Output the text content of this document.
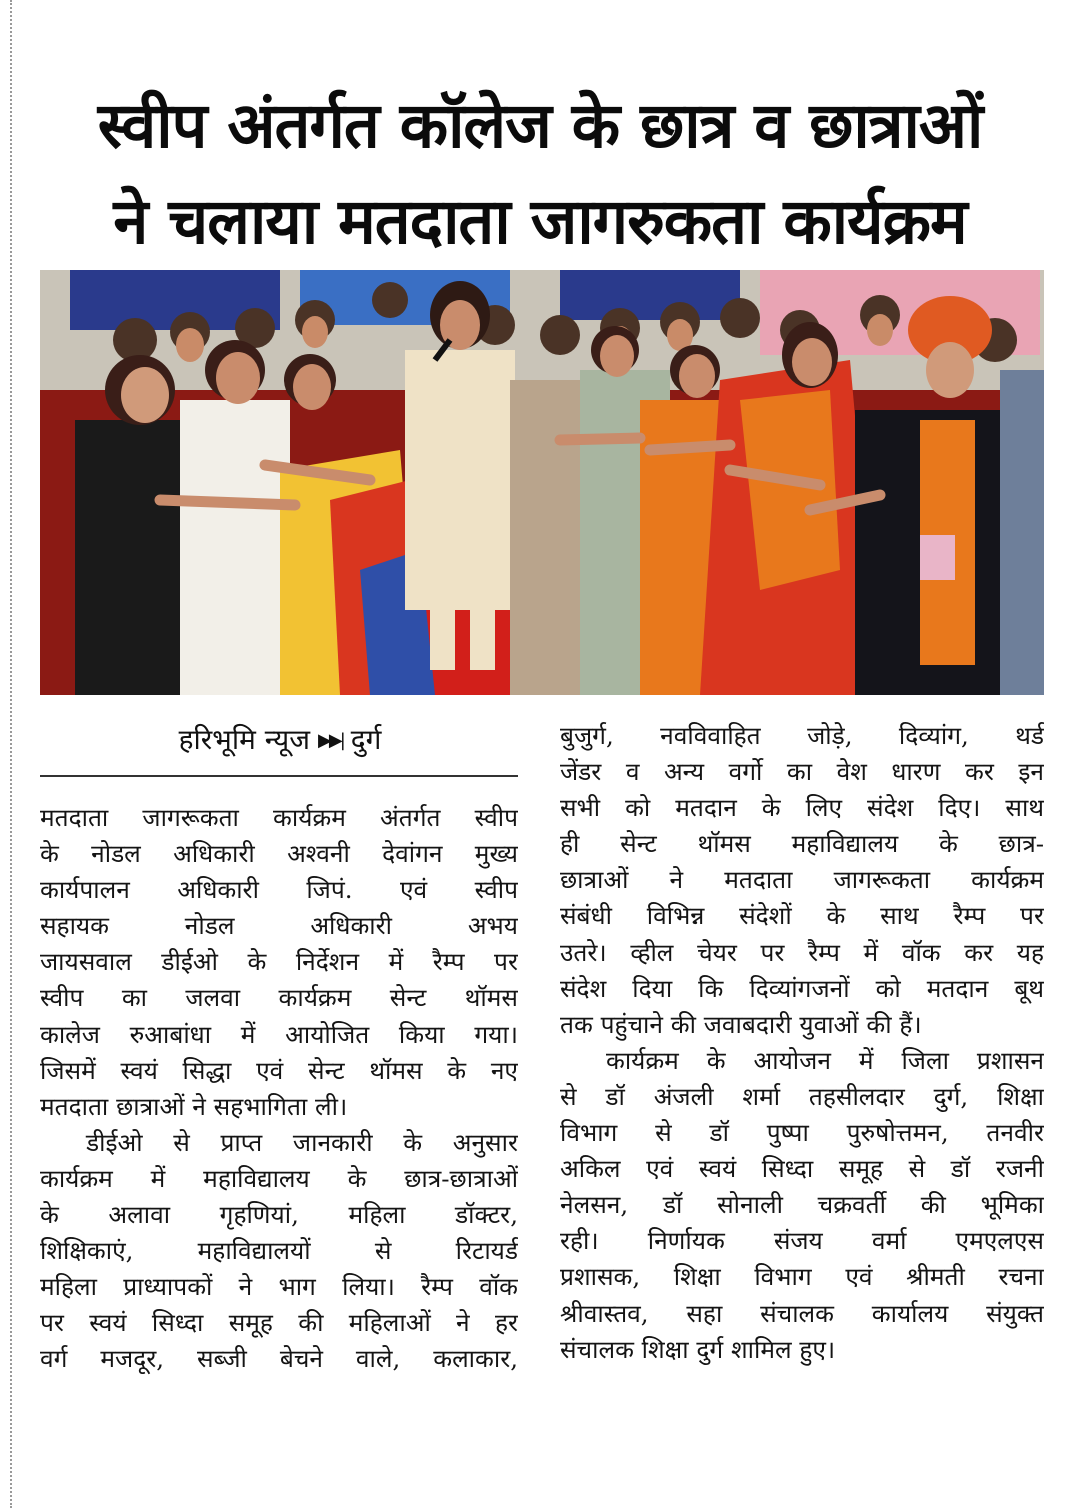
स्वीप अंतर्गत कॉलेज के छात्र व छात्राओं
ने चलाया मतदाता जागरुकता कार्यक्रम
हरिभूमि न्यूज ▶▶| दुर्ग

मतदाता जागरूकता कार्यक्रम अंतर्गत स्वीप

के नोडल अधिकारी अश्वनी देवांगन मुख्य

कार्यपालन अधिकारी जिपं. एवं स्वीप

सहायक नोडल अधिकारी अभय

जायसवाल डीईओ के निर्देशन में रैम्प पर

स्वीप का जलवा कार्यक्रम सेन्ट थॉमस

कालेज रुआबांधा में आयोजित किया गया।

जिसमें स्वयं सिद्धा एवं सेन्ट थॉमस के नए

मतदाता छात्राओं ने सहभागिता ली।

डीईओ से प्राप्त जानकारी के अनुसार

कार्यक्रम में महाविद्यालय के छात्र-छात्राओं

के अलावा गृहणियां, महिला डॉक्टर,

शिक्षिकाएं, महाविद्यालयों से रिटायर्ड

महिला प्राध्यापकों ने भाग लिया। रैम्प वॉक

पर स्वयं सिध्दा समूह की महिलाओं ने हर

वर्ग मजदूर, सब्जी बेचने वाले, कलाकार,

बुजुर्ग, नवविवाहित जोड़े, दिव्यांग, थर्ड

जेंडर व अन्य वर्गो का वेश धारण कर इन

सभी को मतदान के लिए संदेश दिए। साथ

ही सेन्ट थॉमस महाविद्यालय के छात्र-

छात्राओं ने मतदाता जागरूकता कार्यक्रम

संबंधी विभिन्न संदेशों के साथ रैम्प पर

उतरे। व्हील चेयर पर रैम्प में वॉक कर यह

संदेश दिया कि दिव्यांगजनों को मतदान बूथ

तक पहुंचाने की जवाबदारी युवाओं की हैं।

कार्यक्रम के आयोजन में जिला प्रशासन

से डॉ अंजली शर्मा तहसीलदार दुर्ग, शिक्षा

विभाग से डॉ पुष्पा पुरुषोत्तमन, तनवीर

अकिल एवं स्वयं सिध्दा समूह से डॉ रजनी

नेलसन, डॉ सोनाली चक्रवर्ती की भूमिका

रही। निर्णायक संजय वर्मा एमएलएस

प्रशासक, शिक्षा विभाग एवं श्रीमती रचना

श्रीवास्तव, सहा संचालक कार्यालय संयुक्त

संचालक शिक्षा दुर्ग शामिल हुए।
